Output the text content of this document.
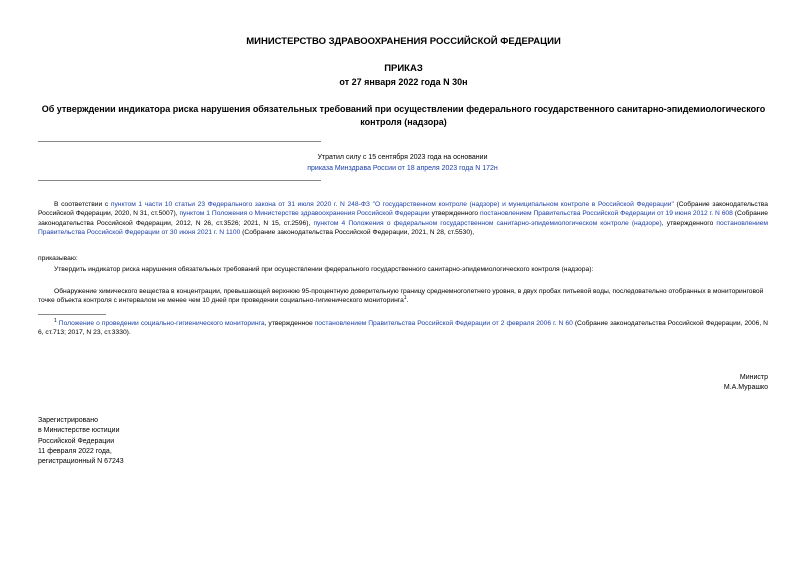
МИНИСТЕРСТВО ЗДРАВООХРАНЕНИЯ РОССИЙСКОЙ ФЕДЕРАЦИИ
ПРИКАЗ
от 27 января 2022 года N 30н
Об утверждении индикатора риска нарушения обязательных требований при осуществлении федерального государственного санитарно-эпидемиологического контроля (надзора)
Утратил силу с 15 сентября 2023 года на основании
приказа Минздрава России от 18 апреля 2023 года N 172н
В соответствии с пунктом 1 части 10 статьи 23 Федерального закона от 31 июля 2020 г. N 248-ФЗ "О государственном контроле (надзоре) и муниципальном контроле в Российской Федерации" (Собрание законодательства Российской Федерации, 2020, N 31, ст.5007), пунктом 1 Положения о Министерстве здравоохранения Российской Федерации утвержденного постановлением Правительства Российской Федерации от 19 июня 2012 г. N 608 (Собрание законодательства Российской Федерации, 2012, N 26, ст.3526; 2021, N 15, ст.2596), пунктом 4 Положения о федеральном государственном санитарно-эпидемиологическом контроле (надзоре), утвержденного постановлением Правительства Российской Федерации от 30 июня 2021 г. N 1100 (Собрание законодательства Российской Федерации, 2021, N 28, ст.5530),
приказываю:
Утвердить индикатор риска нарушения обязательных требований при осуществлении федерального государственного санитарно-эпидемиологического контроля (надзора):
Обнаружение химического вещества в концентрации, превышающей верхнюю 95-процентную доверительную границу среднемноголетнего уровня, в двух пробах питьевой воды, последовательно отобранных в мониторинговой точке объекта контроля с интервалом не менее чем 10 дней при проведении социально-гигиенического мониторинга$^1$.
$^1$ Положение о проведении социально-гигиенического мониторинга, утвержденное постановлением Правительства Российской Федерации от 2 февраля 2006 г. N 60 (Собрание законодательства Российской Федерации, 2006, N 6, ст.713; 2017, N 23, ст.3330).
Министр
М.А.Мурашко
Зарегистрировано
в Министерстве юстиции
Российской Федерации
11 февраля 2022 года,
регистрационный N 67243
